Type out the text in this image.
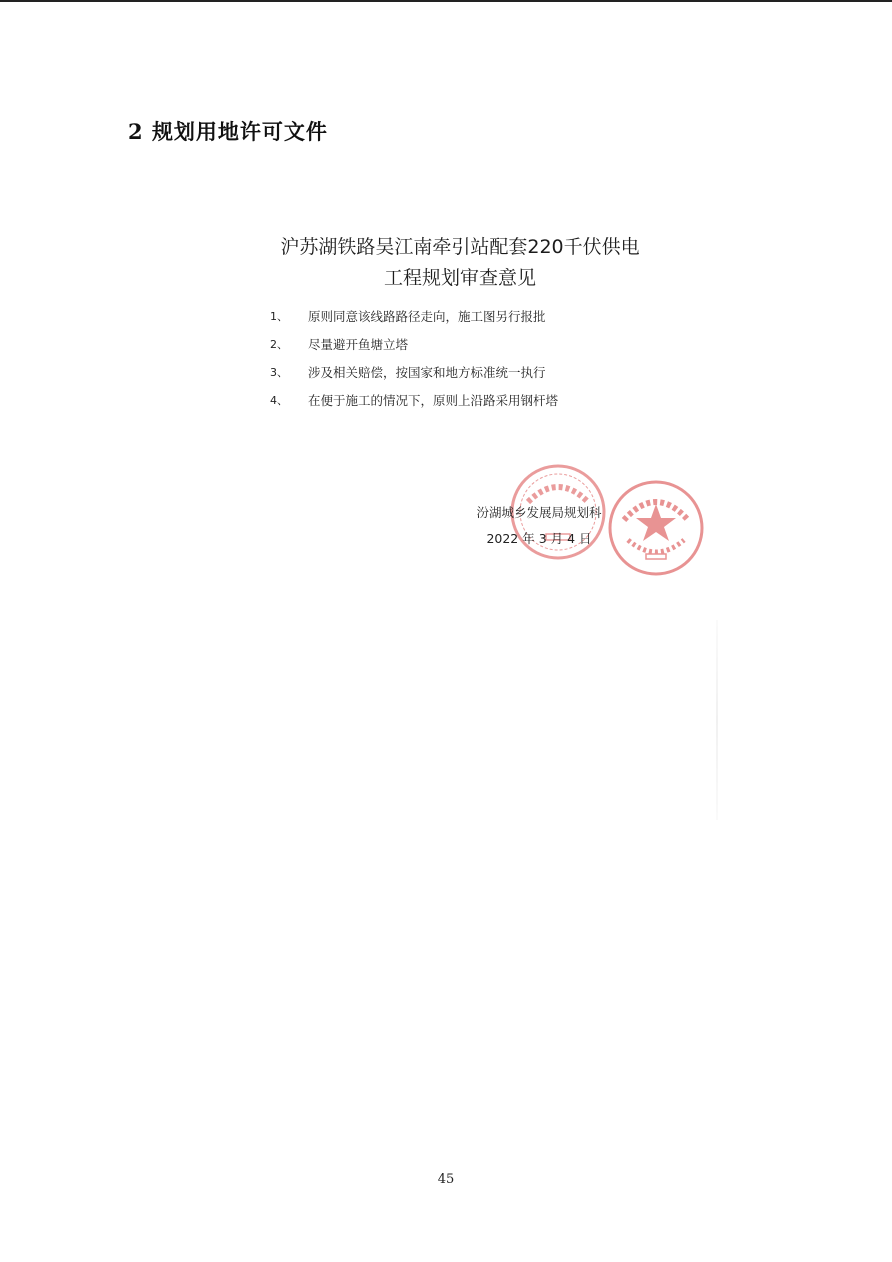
2 规划用地许可文件
沪苏湖铁路吴江南牵引站配套220千伏供电
工程规划审查意见
1、	原则同意该线路路径走向，施工图另行报批
2、	尽量避开鱼塘立塔
3、	涉及相关赔偿，按国家和地方标准统一执行
4、	在便于施工的情况下，原则上沿路采用钢杆塔
汾湖城乡发展局规划科
2022 年 3 月 4 日
45
